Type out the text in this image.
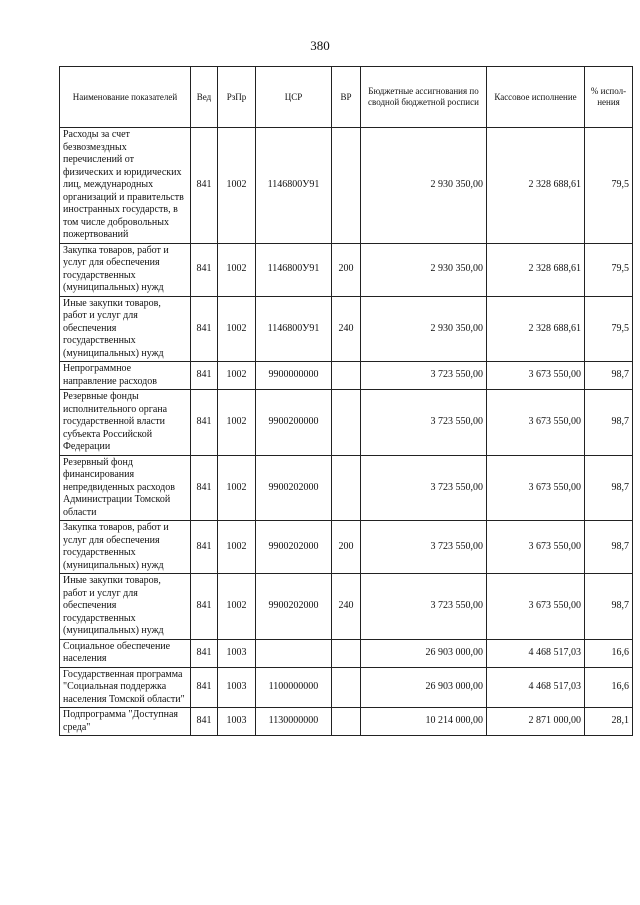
380
Наименование показателей	Вед	РзПр	ЦСР	ВР	Бюджетные ассигнования по сводной бюджетной росписи	Кассовое исполнение	% испол-нения
Расходы за счет безвозмездных перечислений от физических и юридических лиц, международных организаций и правительств иностранных государств, в том числе добровольных пожертвований	841	1002	1146800У91		2 930 350,00	2 328 688,61	79,5
Закупка товаров, работ и услуг для обеспечения государственных (муниципальных) нужд	841	1002	1146800У91	200	2 930 350,00	2 328 688,61	79,5
Иные закупки товаров, работ и услуг для обеспечения государственных (муниципальных) нужд	841	1002	1146800У91	240	2 930 350,00	2 328 688,61	79,5
Непрограммное направление расходов	841	1002	9900000000		3 723 550,00	3 673 550,00	98,7
Резервные фонды исполнительного органа государственной власти субъекта Российской Федерации	841	1002	9900200000		3 723 550,00	3 673 550,00	98,7
Резервный фонд финансирования непредвиденных расходов Администрации Томской области	841	1002	9900202000		3 723 550,00	3 673 550,00	98,7
Закупка товаров, работ и услуг для обеспечения государственных (муниципальных) нужд	841	1002	9900202000	200	3 723 550,00	3 673 550,00	98,7
Иные закупки товаров, работ и услуг для обеспечения государственных (муниципальных) нужд	841	1002	9900202000	240	3 723 550,00	3 673 550,00	98,7
Социальное обеспечение населения	841	1003			26 903 000,00	4 468 517,03	16,6
Государственная программа "Социальная поддержка населения Томской области"	841	1003	1100000000		26 903 000,00	4 468 517,03	16,6
Подпрограмма "Доступная среда"	841	1003	1130000000		10 214 000,00	2 871 000,00	28,1
